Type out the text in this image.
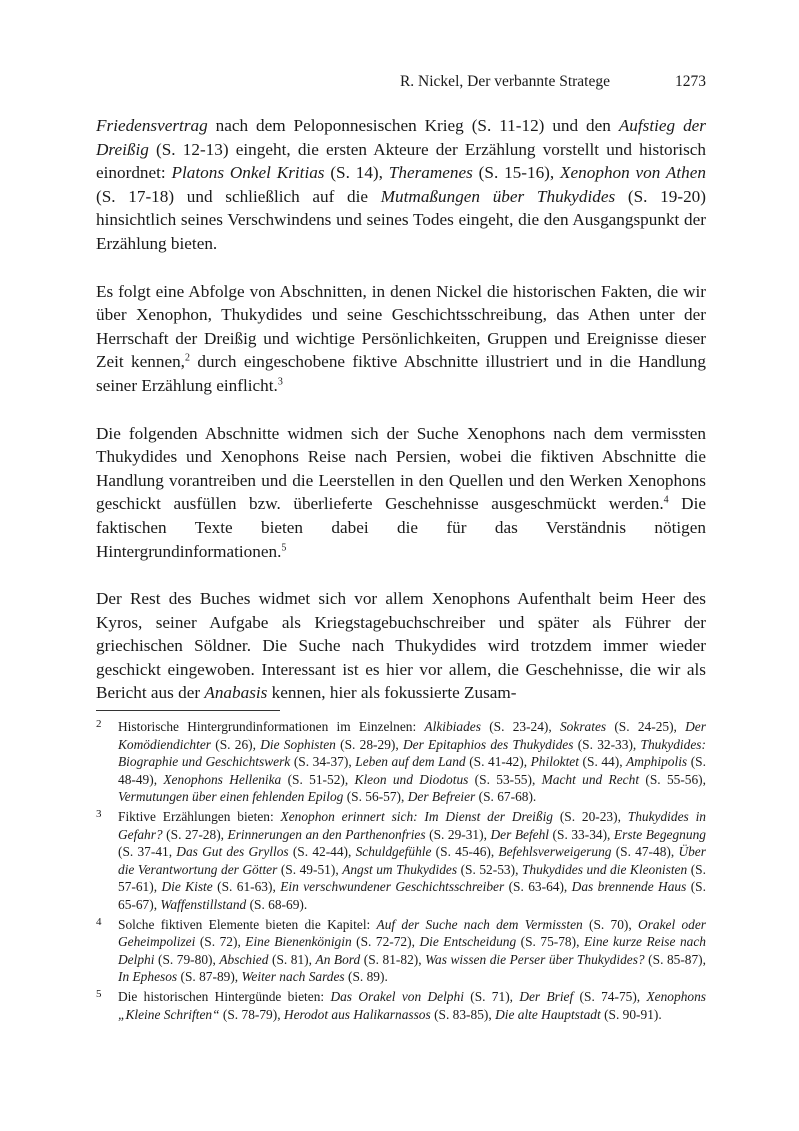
R. Nickel, Der verbannte Stratege	1273

Friedensvertrag nach dem Peloponnesischen Krieg (S. 11-12) und den Aufstieg der Dreißig (S. 12-13) eingeht, die ersten Akteure der Erzählung vorstellt und historisch einordnet: Platons Onkel Kritias (S. 14), Theramenes (S. 15-16), Xenophon von Athen (S. 17-18) und schließlich auf die Mutmaßungen über Thukydides (S. 19-20) hinsichtlich seines Verschwindens und seines Todes eingeht, die den Ausgangspunkt der Erzählung bieten.

Es folgt eine Abfolge von Abschnitten, in denen Nickel die historischen Fakten, die wir über Xenophon, Thukydides und seine Geschichtsschreibung, das Athen unter der Herrschaft der Dreißig und wichtige Persönlichkeiten, Gruppen und Ereignisse dieser Zeit kennen,$^2$ durch eingeschobene fiktive Abschnitte illustriert und in die Handlung seiner Erzählung einflicht.$^3$

Die folgenden Abschnitte widmen sich der Suche Xenophons nach dem vermissten Thukydides und Xenophons Reise nach Persien, wobei die fiktiven Abschnitte die Handlung vorantreiben und die Leerstellen in den Quellen und den Werken Xenophons geschickt ausfüllen bzw. überlieferte Geschehnisse ausgeschmückt werden.$^4$ Die faktischen Texte bieten dabei die für das Verständnis nötigen Hintergrundinformationen.$^5$

Der Rest des Buches widmet sich vor allem Xenophons Aufenthalt beim Heer des Kyros, seiner Aufgabe als Kriegstagebuchschreiber und später als Führer der griechischen Söldner. Die Suche nach Thukydides wird trotzdem immer wieder geschickt eingewoben. Interessant ist es hier vor allem, die Geschehnisse, die wir als Bericht aus der Anabasis kennen, hier als fokussierte Zusam-

2 Historische Hintergrundinformationen im Einzelnen: Alkibiades (S. 23-24), Sokrates (S. 24-25), Der Komödiendichter (S. 26), Die Sophisten (S. 28-29), Der Epitaphios des Thukydides (S. 32-33), Thukydides: Biographie und Geschichtswerk (S. 34-37), Leben auf dem Land (S. 41-42), Philoktet (S. 44), Amphipolis (S. 48-49), Xenophons Hellenika (S. 51-52), Kleon und Diodotus (S. 53-55), Macht und Recht (S. 55-56), Vermutungen über einen fehlenden Epilog (S. 56-57), Der Befreier (S. 67-68).
3 Fiktive Erzählungen bieten: Xenophon erinnert sich: Im Dienst der Dreißig (S. 20-23), Thukydides in Gefahr? (S. 27-28), Erinnerungen an den Parthenonfries (S. 29-31), Der Befehl (S. 33-34), Erste Begegnung (S. 37-41, Das Gut des Gryllos (S. 42-44), Schuldgefühle (S. 45-46), Befehlsverweigerung (S. 47-48), Über die Verantwortung der Götter (S. 49-51), Angst um Thukydides (S. 52-53), Thukydides und die Kleonisten (S. 57-61), Die Kiste (S. 61-63), Ein verschwundener Geschichtsschreiber (S. 63-64), Das brennende Haus (S. 65-67), Waffenstillstand (S. 68-69).
4 Solche fiktiven Elemente bieten die Kapitel: Auf der Suche nach dem Vermissten (S. 70), Orakel oder Geheimpolizei (S. 72), Eine Bienenkönigin (S. 72-72), Die Entscheidung (S. 75-78), Eine kurze Reise nach Delphi (S. 79-80), Abschied (S. 81), An Bord (S. 81-82), Was wissen die Perser über Thukydides? (S. 85-87), In Ephesos (S. 87-89), Weiter nach Sardes (S. 89).
5 Die historischen Hintergünde bieten: Das Orakel von Delphi (S. 71), Der Brief (S. 74-75), Xenophons „Kleine Schriften“ (S. 78-79), Herodot aus Halikarnassos (S. 83-85), Die alte Hauptstadt (S. 90-91).
